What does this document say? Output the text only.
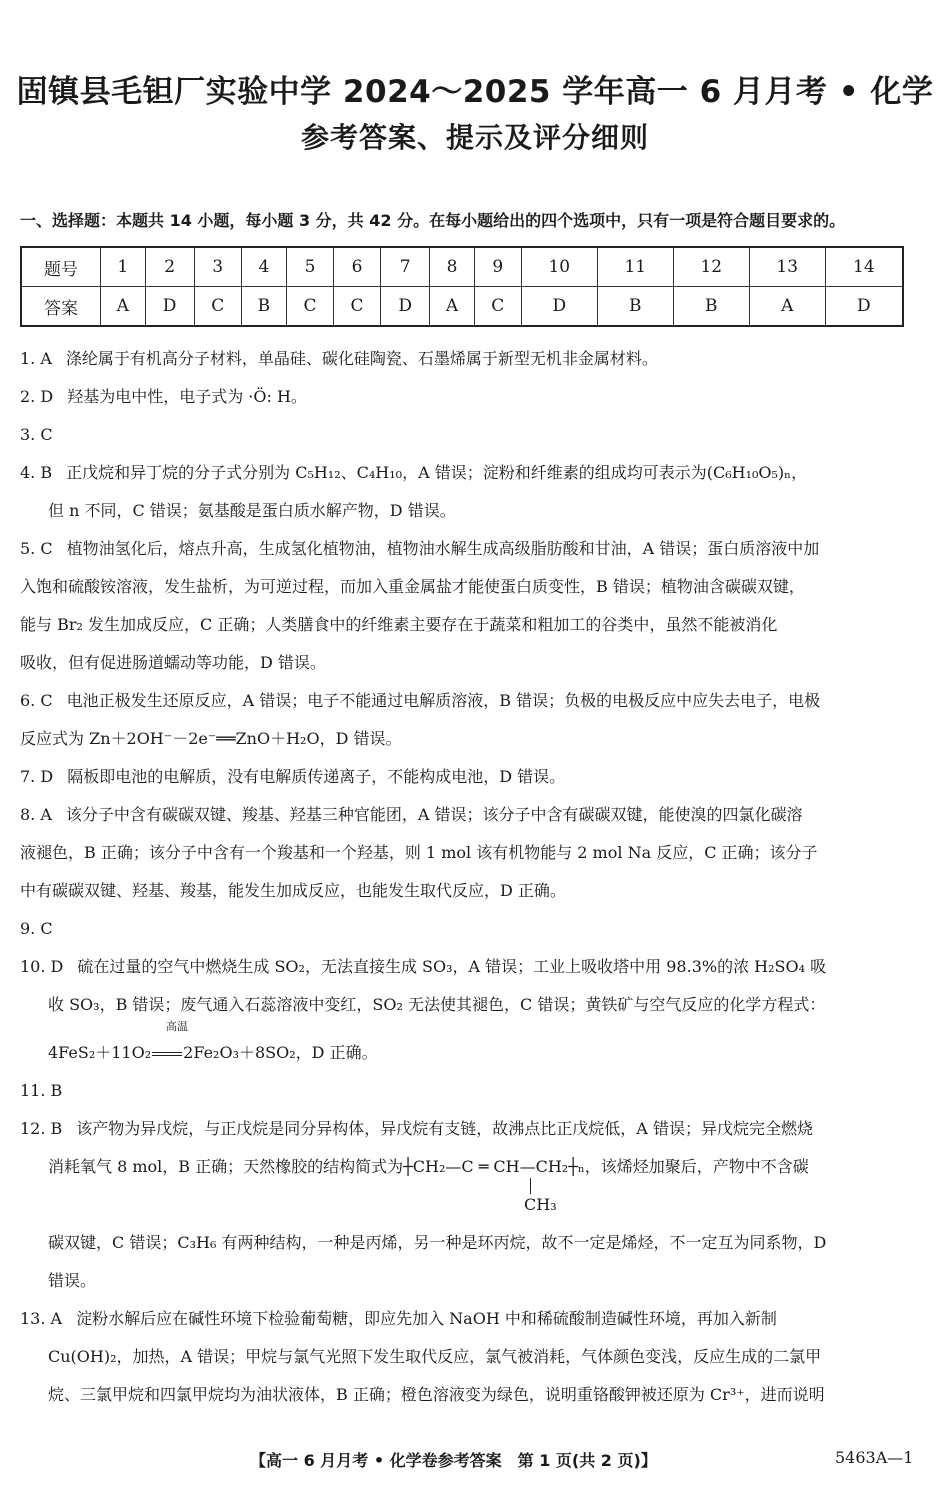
固镇县毛钽厂实验中学 2024～2025 学年高一 6 月月考 • 化学
参考答案、提示及评分细则
一、选择题：本题共 14 小题，每小题 3 分，共 42 分。在每小题给出的四个选项中，只有一项是符合题目要求的。
题号	1	2	3	4	5	6	7	8	9	10	11	12	13	14
答案	A	D	C	B	C	C	D	A	C	D	B	B	A	D

1. A 涤纶属于有机高分子材料，单晶硅、碳化硅陶瓷、石墨烯属于新型无机非金属材料。

2. D 羟基为电中性，电子式为 ·Ö: H。

3. C

4. B 正戊烷和异丁烷的分子式分别为 C₅H₁₂、C₄H₁₀，A 错误；淀粉和纤维素的组成均可表示为(C₆H₁₀O₅)ₙ，

但 n 不同，C 错误；氨基酸是蛋白质水解产物，D 错误。

5. C 植物油氢化后，熔点升高，生成氢化植物油，植物油水解生成高级脂肪酸和甘油，A 错误；蛋白质溶液中加

入饱和硫酸铵溶液，发生盐析，为可逆过程，而加入重金属盐才能使蛋白质变性，B 错误；植物油含碳碳双键，

能与 Br₂ 发生加成反应，C 正确；人类膳食中的纤维素主要存在于蔬菜和粗加工的谷类中，虽然不能被消化

吸收，但有促进肠道蠕动等功能，D 错误。

6. C 电池正极发生还原反应，A 错误；电子不能通过电解质溶液，B 错误；负极的电极反应中应失去电子，电极

反应式为 Zn＋2OH⁻－2e⁻══ZnO＋H₂O，D 错误。

7. D 隔板即电池的电解质，没有电解质传递离子，不能构成电池，D 错误。

8. A 该分子中含有碳碳双键、羧基、羟基三种官能团，A 错误；该分子中含有碳碳双键，能使溴的四氯化碳溶

液褪色，B 正确；该分子中含有一个羧基和一个羟基，则 1 mol 该有机物能与 2 mol Na 反应，C 正确；该分子

中有碳碳双键、羟基、羧基，能发生加成反应，也能发生取代反应，D 正确。

9. C

10. D 硫在过量的空气中燃烧生成 SO₂，无法直接生成 SO₃，A 错误；工业上吸收塔中用 98.3%的浓 H₂SO₄ 吸

收 SO₃，B 错误；废气通入石蕊溶液中变红，SO₂ 无法使其褪色，C 错误；黄铁矿与空气反应的化学方程式：

4FeS₂＋11O₂ 2Fe₂O₃＋8SO₂，D 正确。
高温

11. B

12. B 该产物为异戊烷，与正戊烷是同分异构体，异戊烷有支链，故沸点比正戊烷低，A 错误；异戊烷完全燃烧

消耗氧气 8 mol，B 正确；天然橡胶的结构简式为┼CH₂—C ═ CH—CH₂┼ₙ，该烯烃加聚后，产物中不含碳
CH₃

碳双键，C 错误；C₃H₆ 有两种结构，一种是丙烯，另一种是环丙烷，故不一定是烯烃，不一定互为同系物，D

错误。

13. A 淀粉水解后应在碱性环境下检验葡萄糖，即应先加入 NaOH 中和稀硫酸制造碱性环境，再加入新制

Cu(OH)₂，加热，A 错误；甲烷与氯气光照下发生取代反应，氯气被消耗，气体颜色变浅，反应生成的二氯甲

烷、三氯甲烷和四氯甲烷均为油状液体，B 正确；橙色溶液变为绿色，说明重铬酸钾被还原为 Cr³⁺，进而说明

【高一 6 月月考 • 化学卷参考答案　第 1 页(共 2 页)】	5463A—1
